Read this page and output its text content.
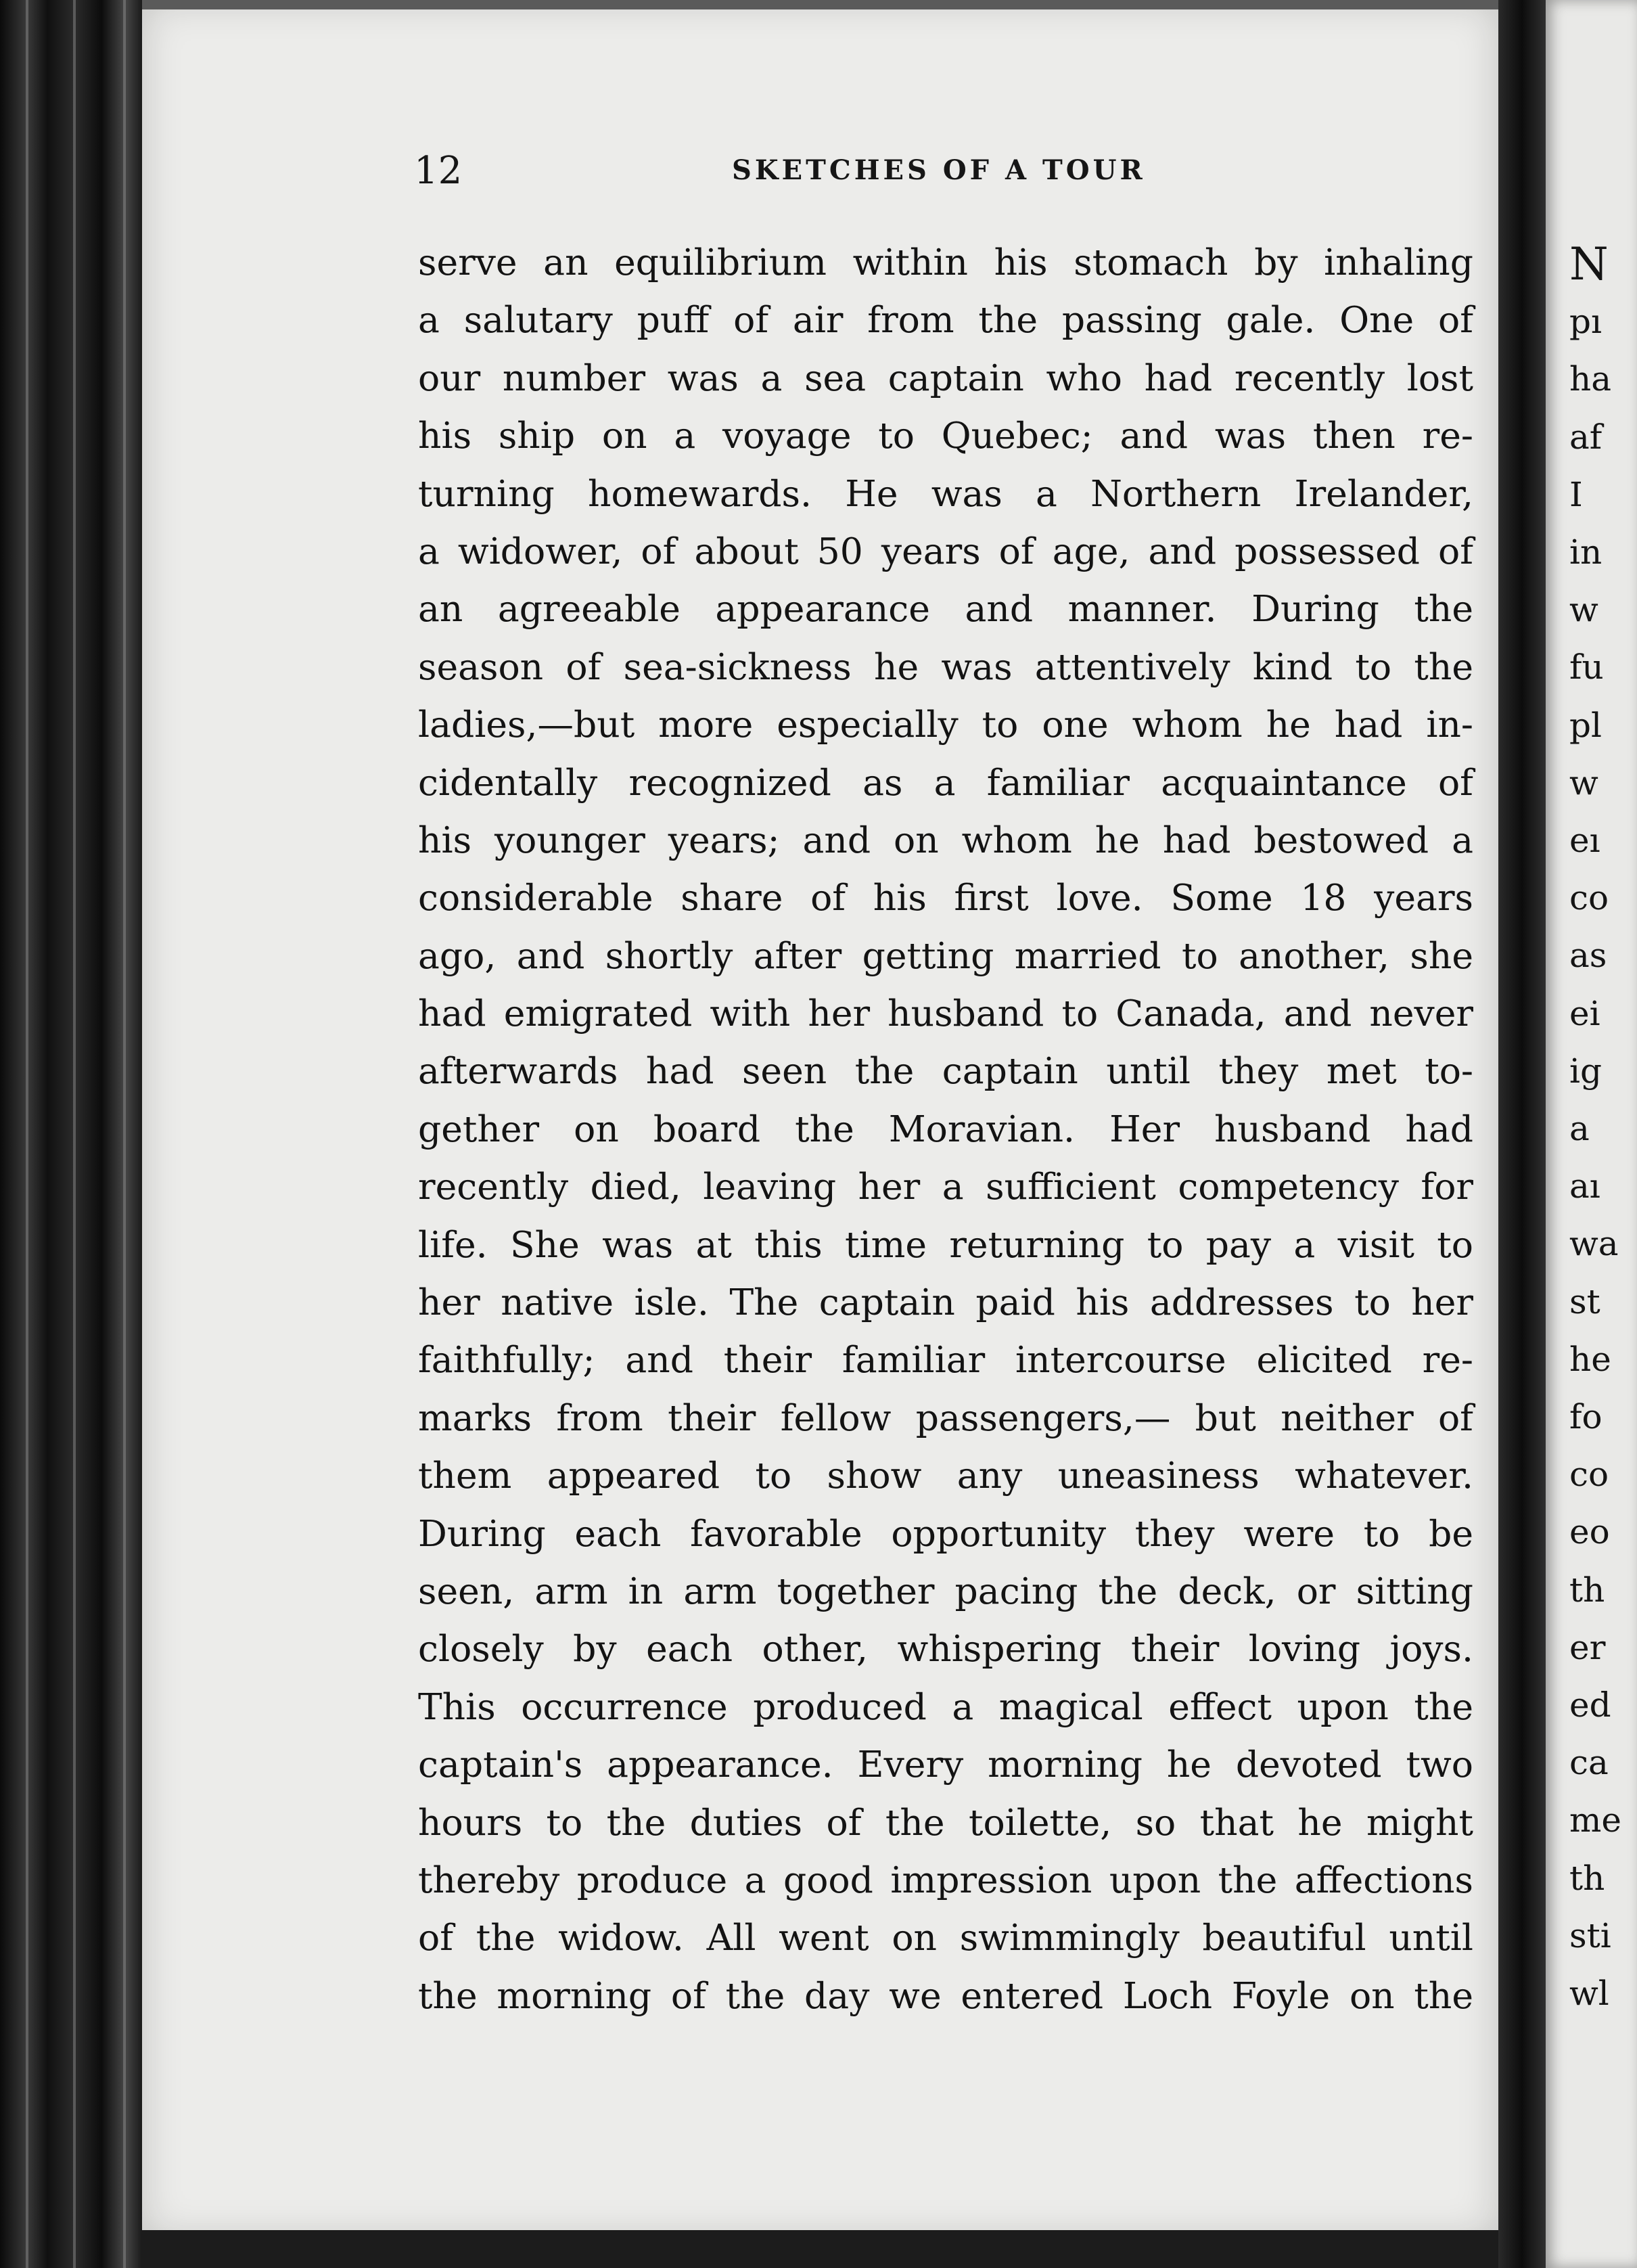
12	SKETCHES OF A TOUR
serve an equilibrium within his stomach by inhaling
a salutary puff of air from the passing gale. One of
our number was a sea captain who had recently lost
his ship on a voyage to Quebec; and was then re-
turning homewards. He was a Northern Irelander,
a widower, of about 50 years of age, and possessed of
an agreeable appearance and manner. During the
season of sea-sickness he was attentively kind to the
ladies,—but more especially to one whom he had in-
cidentally recognized as a familiar acquaintance of
his younger years; and on whom he had bestowed a
considerable share of his first love. Some 18 years
ago, and shortly after getting married to another, she
had emigrated with her husband to Canada, and never
afterwards had seen the captain until they met to-
gether on board the Moravian. Her husband had
recently died, leaving her a sufficient competency for
life. She was at this time returning to pay a visit to
her native isle. The captain paid his addresses to her
faithfully; and their familiar intercourse elicited re-
marks from their fellow passengers,— but neither of
them appeared to show any uneasiness whatever.
During each favorable opportunity they were to be
seen, arm in arm together pacing the deck, or sitting
closely by each other, whispering their loving joys.
This occurrence produced a magical effect upon the
captain's appearance. Every morning he devoted two
hours to the duties of the toilette, so that he might
thereby produce a good impression upon the affections
of the widow. All went on swimmingly beautiful until
the morning of the day we entered Loch Foyle on the
N
pı
ha
af
I
in
w
fu
pl
w
eı
co
as
ei
ig
a
aı
wa
st
he
fo
co
eo
th
er
ed
ca
me
th
sti
wl
